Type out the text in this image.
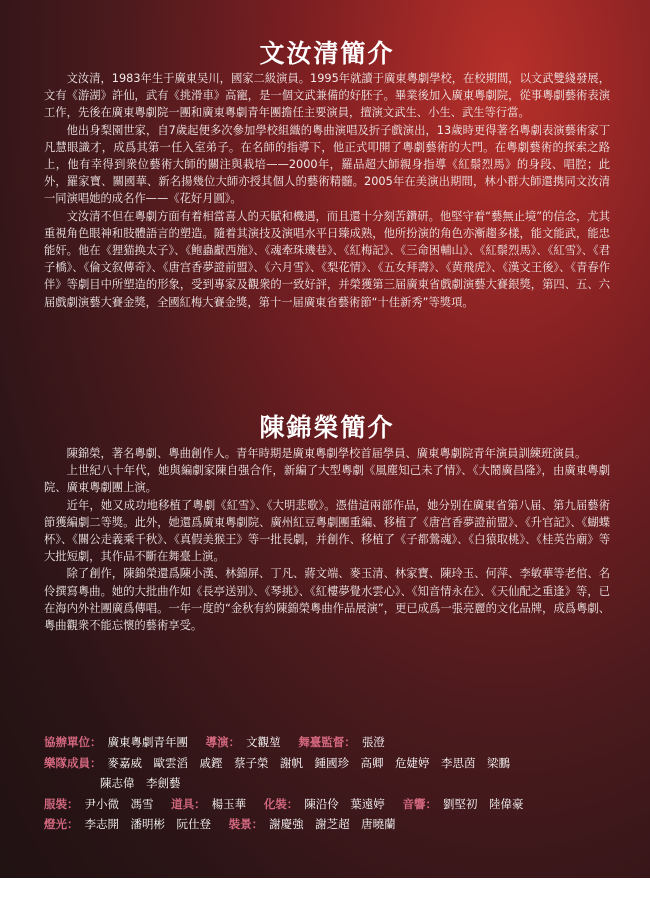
文汝清簡介

文汝清，1983年生于廣東吴川，國家二級演員。1995年就讀于廣東粵劇學校，在校期間，以文武雙綫發展，文有《游湖》許仙，武有《挑滑車》高寵，是一個文武兼備的好胚子。畢業後加入廣東粵劇院，從事粵劇藝術表演工作，先後在廣東粵劇院一團和廣東粵劇青年團擔任主要演員，擅演文武生、小生、武生等行當。

他出身梨園世家，自7歲起便多次參加學校組織的粵曲演唱及折子戲演出，13歲時更得著名粵劇表演藝術家丁凡慧眼識才，成爲其第一任入室弟子。在名師的指導下，他正式叩開了粵劇藝術的大門。在粵劇藝術的探索之路上，他有幸得到衆位藝術大師的關注與栽培——2000年，羅品超大師親身指導《紅鬃烈馬》的身段、唱腔；此外，羅家寶、關國華、新名揚幾位大師亦授其個人的藝術精髓。2005年在美演出期間，林小群大師還携同文汝清一同演唱她的成名作——《花好月圓》。

文汝清不但在粵劇方面有着相當喜人的天賦和機遇，而且還十分刻苦鑽研。他堅守着“藝無止境”的信念，尤其重視角色眼神和肢體語言的塑造。隨着其演技及演唱水平日臻成熟，他所扮演的角色亦漸趨多樣，能文能武，能忠能奸。他在《狸猫换太子》、《鲍蟲獻西施》、《魂牽珠璣巷》、《紅梅記》、《三命困輔山》、《紅鬃烈馬》、《紅雪》、《君子橋》、《倫文叙傳奇》、《唐宫香夢證前盟》、《六月雪》、《梨花情》、《五女拜壽》、《黄飛虎》、《漢文王後》、《青春作伴》等劇目中所塑造的形象，受到專家及觀衆的一致好評，并榮獲第三届廣東省戲劇演藝大賽銀獎，第四、五、六届戲劇演藝大賽金獎，全國紅梅大賽金獎，第十一届廣東省藝術節“十佳新秀”等獎項。

陳錦榮簡介

陳錦榮，著名粵劇、粵曲創作人。青年時期是廣東粵劇學校首届學員、廣東粵劇院青年演員訓練班演員。

上世紀八十年代，她與編劇家陳自强合作，新編了大型粵劇《風塵知己未了情》、《大鬧廣昌隆》，由廣東粵劇院、廣東粵劇團上演。

近年，她又成功地移植了粵劇《紅雪》、《大明悲歌》。憑借這兩部作品，她分别在廣東省第八届、第九届藝術節獲編劇二等獎。此外，她還爲廣東粵劇院、廣州紅豆粵劇團重編、移植了《唐宫香夢證前盟》、《升官記》、《蝴蝶杯》、《關公走義乘千秋》、《真假美猴王》等一批長劇，并創作、移植了《子都鶯魂》、《白猿取桃》、《桂英告廟》等大批短劇，其作品不斷在舞臺上演。

除了創作，陳錦榮還爲陳小漢、林錦屏、丁凡、蔣文端、麥玉清、林家寶、陳玲玉、何萍、李敏華等老倌、名伶撰寫粵曲。她的大批曲作如《長亭送别》、《琴挑》、《紅樓夢覺水雲心》、《知音情永在》、《天仙配之重逢》等，已在海内外社團廣爲傳唱。一年一度的“金秋有約陳錦榮粵曲作品展演”，更已成爲一張亮麗的文化品牌，成爲粵劇、粵曲觀衆不能忘懷的藝術享受。

協辦單位： 廣東粵劇青年團 導演： 文觀堃 舞臺監督： 張澄
樂隊成員： 麥嘉威　歐雲滔　戚鏗　蔡子榮　謝帆　鍾國珍　高卿　危婕婷　李思茵　梁鵬
陳志偉　李劍藝
服裝： 尹小微　馮雪 道具： 楊玉華 化裝： 陳沿伶　葉遠婷 音響： 劉堅初　陸偉豪
燈光： 李志開　潘明彬　阮仕登 裝景： 謝慶強　謝芝超　唐曉蘭
